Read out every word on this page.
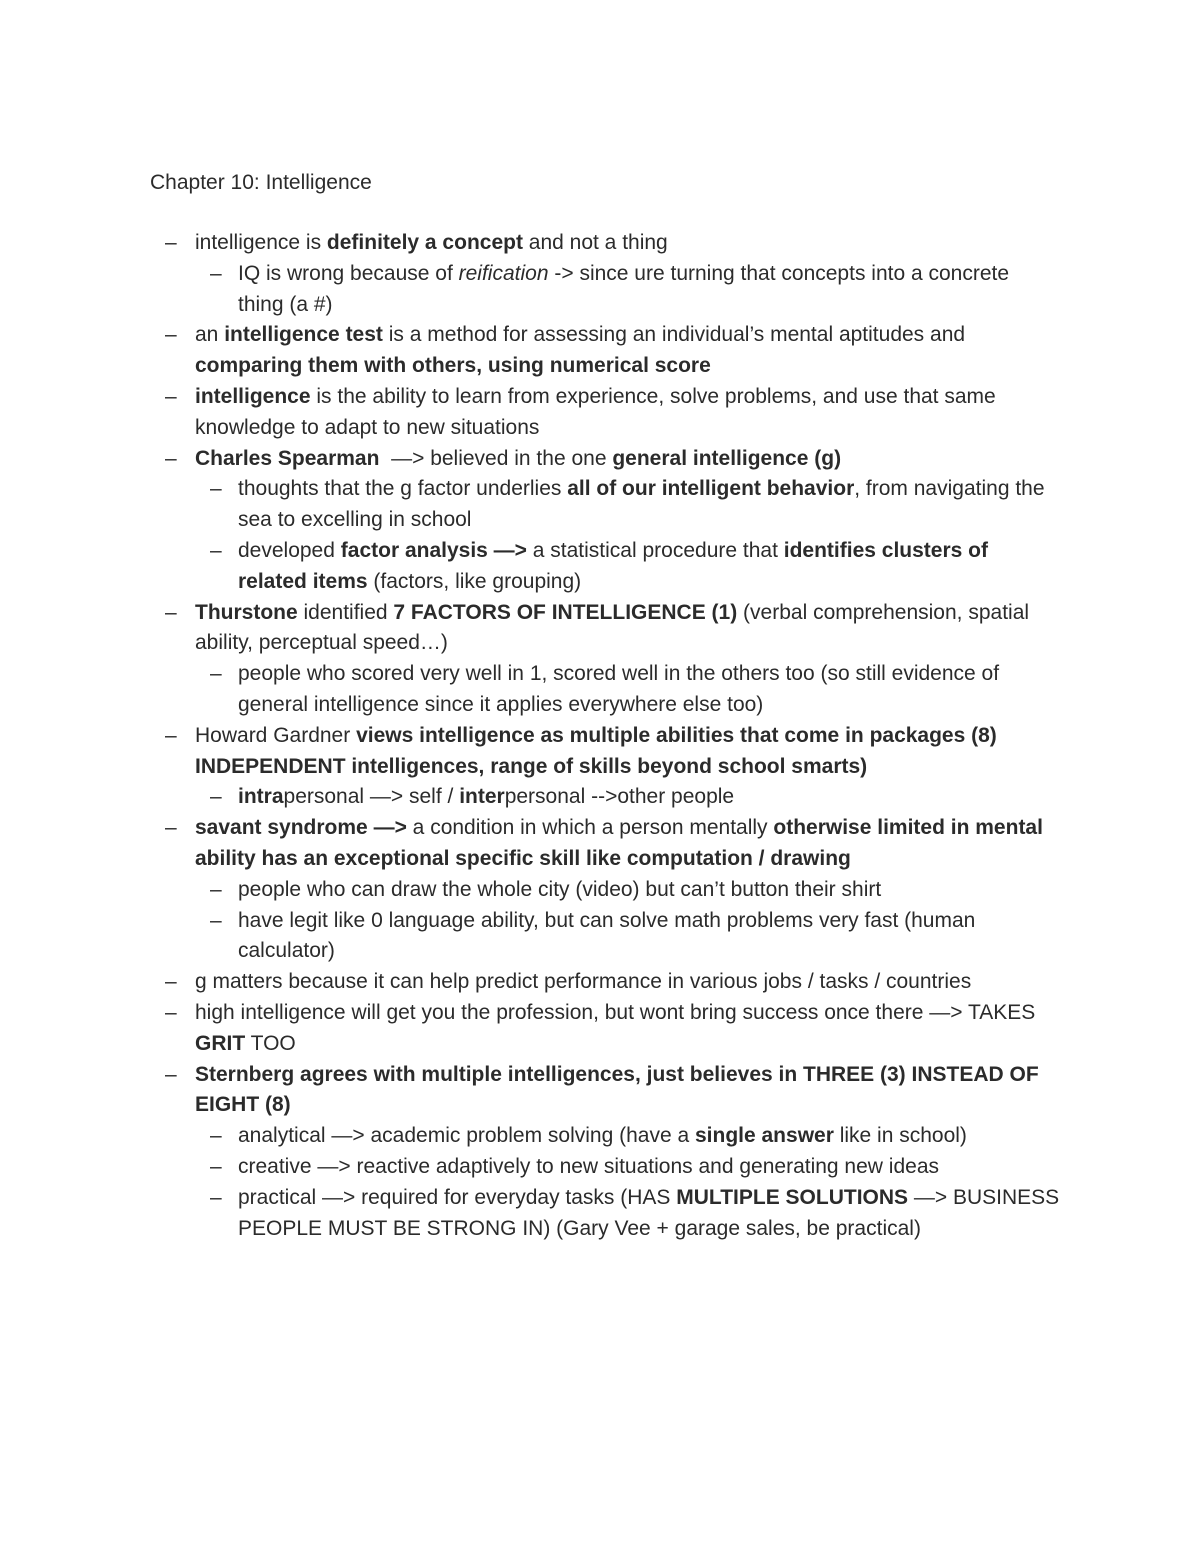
Chapter 10: Intelligence
– intelligence is definitely a concept and not a thing
– IQ is wrong because of reification -> since ure turning that concepts into a concrete thing (a #)
– an intelligence test is a method for assessing an individual’s mental aptitudes and comparing them with others, using numerical score
– intelligence is the ability to learn from experience, solve problems, and use that same knowledge to adapt to new situations
– Charles Spearman  —> believed in the one general intelligence (g)
– thoughts that the g factor underlies all of our intelligent behavior, from navigating the sea to excelling in school
– developed factor analysis —> a statistical procedure that identifies clusters of related items (factors, like grouping)
– Thurstone identified 7 FACTORS OF INTELLIGENCE (1) (verbal comprehension, spatial ability, perceptual speed…)
– people who scored very well in 1, scored well in the others too (so still evidence of general intelligence since it applies everywhere else too)
– Howard Gardner views intelligence as multiple abilities that come in packages (8) INDEPENDENT intelligences, range of skills beyond school smarts)
– intrapersonal —> self / interpersonal -->other people
– savant syndrome —> a condition in which a person mentally otherwise limited in mental ability has an exceptional specific skill like computation / drawing
– people who can draw the whole city (video) but can’t button their shirt
– have legit like 0 language ability, but can solve math problems very fast (human calculator)
– g matters because it can help predict performance in various jobs / tasks / countries
– high intelligence will get you the profession, but wont bring success once there —> TAKES GRIT TOO
– Sternberg agrees with multiple intelligences, just believes in THREE (3) INSTEAD OF EIGHT (8)
– analytical —> academic problem solving (have a single answer like in school)
– creative —> reactive adaptively to new situations and generating new ideas
– practical —> required for everyday tasks (HAS MULTIPLE SOLUTIONS —> BUSINESS PEOPLE MUST BE STRONG IN) (Gary Vee + garage sales, be practical)
